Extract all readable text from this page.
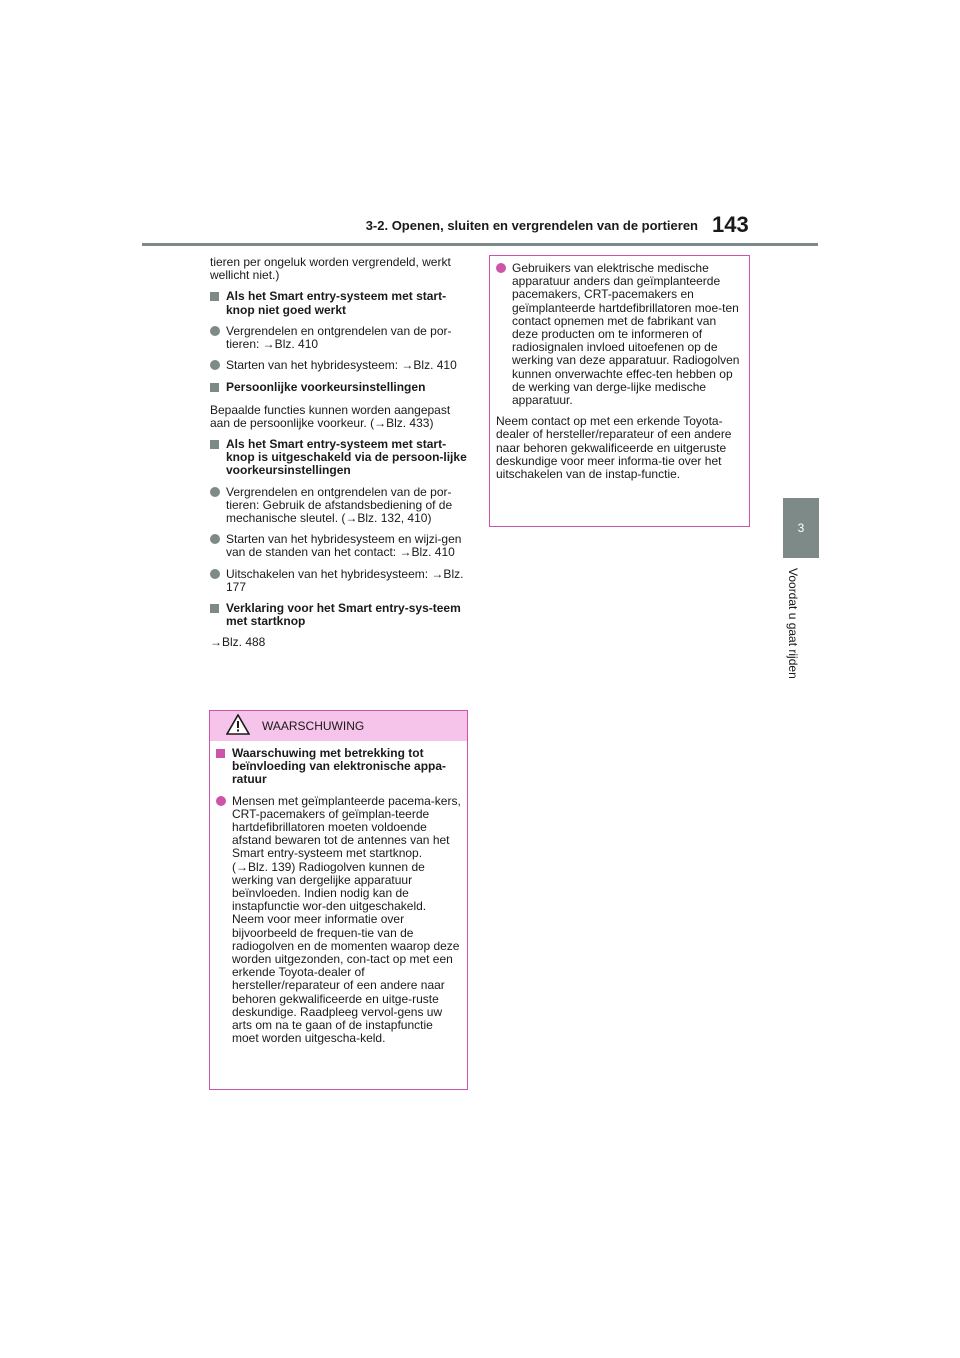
3-2. Openen, sluiten en vergrendelen van de portieren 143
3
Voordat u gaat rijden

tieren per ongeluk worden vergrendeld, werkt wellicht niet.)

Als het Smart entry-systeem met start-knop niet goed werkt
Vergrendelen en ontgrendelen van de por-tieren: →Blz. 410
Starten van het hybridesysteem: →Blz. 410
Persoonlijke voorkeursinstellingen

Bepaalde functies kunnen worden aangepast aan de persoonlijke voorkeur. (→Blz. 433)

Als het Smart entry-systeem met start-knop is uitgeschakeld via de persoon-lijke voorkeursinstellingen
Vergrendelen en ontgrendelen van de por-tieren: Gebruik de afstandsbediening of de mechanische sleutel. (→Blz. 132, 410)
Starten van het hybridesysteem en wijzi-gen van de standen van het contact: →Blz. 410
Uitschakelen van het hybridesysteem: →Blz. 177
Verklaring voor het Smart entry-sys-teem met startknop

→Blz. 488

WAARSCHUWING
Waarschuwing met betrekking tot beïnvloeding van elektronische appa-ratuur
Mensen met geïmplanteerde pacema-kers, CRT-pacemakers of geïmplan-teerde hartdefibrillatoren moeten voldoende afstand bewaren tot de antennes van het Smart entry-systeem met startknop. (→Blz. 139) Radiogolven kunnen de werking van dergelijke apparatuur beïnvloeden. Indien nodig kan de instapfunctie wor-den uitgeschakeld. Neem voor meer informatie over bijvoorbeeld de frequen-tie van de radiogolven en de momenten waarop deze worden uitgezonden, con-tact op met een erkende Toyota-dealer of hersteller/reparateur of een andere naar behoren gekwalificeerde en uitge-ruste deskundige. Raadpleeg vervol-gens uw arts om na te gaan of de instapfunctie moet worden uitgescha-keld.
Gebruikers van elektrische medische apparatuur anders dan geïmplanteerde pacemakers, CRT-pacemakers en geïmplanteerde hartdefibrillatoren moe-ten contact opnemen met de fabrikant van deze producten om te informeren of radiosignalen invloed uitoefenen op de werking van deze apparatuur. Radiogolven kunnen onverwachte effec-ten hebben op de werking van derge-lijke medische apparatuur.

Neem contact op met een erkende Toyota-dealer of hersteller/reparateur of een andere naar behoren gekwalificeerde en uitgeruste deskundige voor meer informa-tie over het uitschakelen van de instap-functie.
